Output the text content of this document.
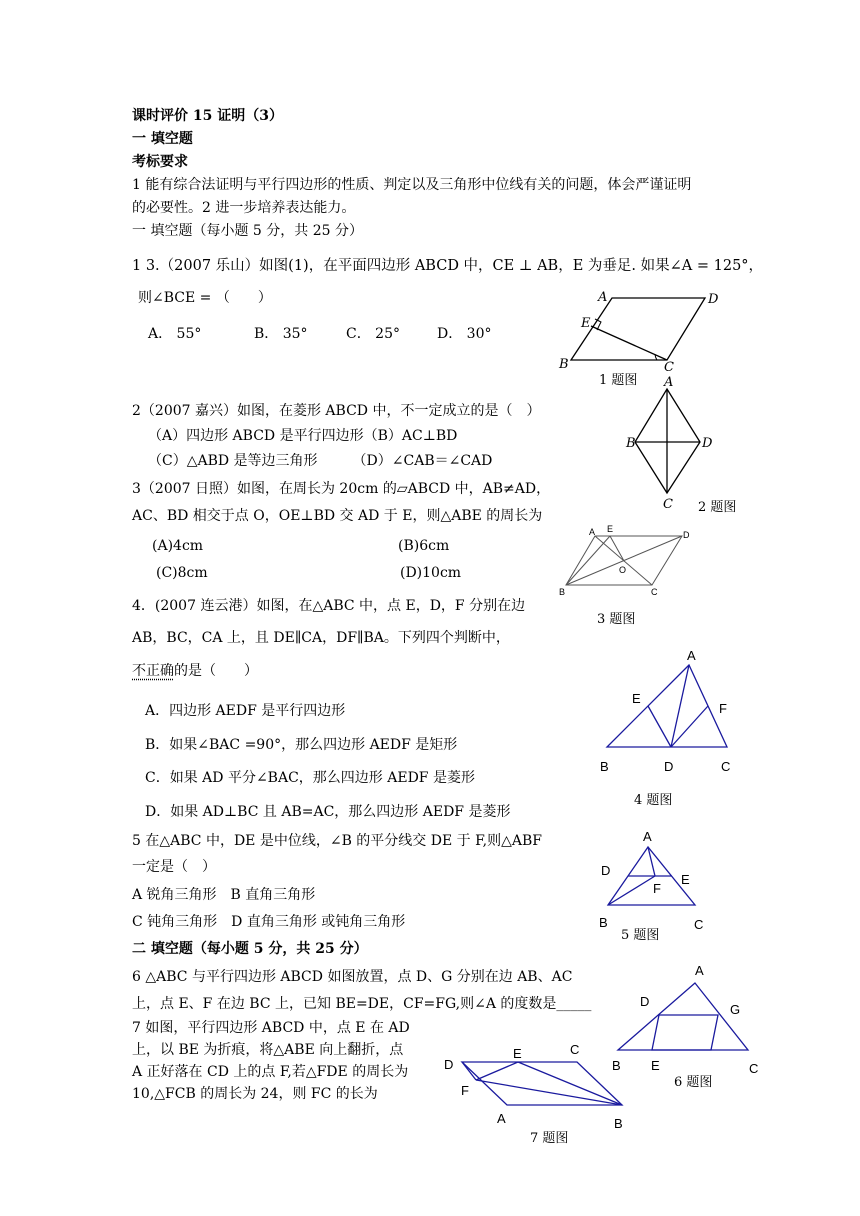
课时评价 15 证明（3）
一 填空题
考标要求
1 能有综合法证明与平行四边形的性质、判定以及三角形中位线有关的问题，体会严谨证明
的必要性。2 进一步培养表达能力。
一 填空题（每小题 5 分，共 25 分）
1 3.（2007 乐山）如图(1)，在平面四边形 ABCD 中，CE ⊥ AB，E 为垂足. 如果∠A = 125°，
则∠BCE = （　　）
A． 55°	B． 35°	C． 25°	D． 30°
A	D
E
B	C
1 题图
2（2007 嘉兴）如图，在菱形 ABCD 中，不一定成立的是（　）
（A）四边形 ABCD 是平行四边形（B）AC⊥BD
（C）△ABD 是等边三角形　　　（D）∠CAB＝∠CAD
A
B	D
C 2 题图
3（2007 日照）如图，在周长为 20cm 的▱ABCD 中，AB≠AD，
AC、BD 相交于点 O，OE⊥BD 交 AD 于 E，则△ABE 的周长为
(A)4cm	(B)6cm
(C)8cm	(D)10cm
A E
D
O
B	C
3 题图
4．(2007 连云港）如图，在△ABC 中，点 E，D，F 分别在边
AB，BC，CA 上，且 DE∥CA，DF∥BA。下列四个判断中，
不正确的是（　　）
A．四边形 AEDF 是平行四边形
B．如果∠BAC =90°，那么四边形 AEDF 是矩形
C．如果 AD 平分∠BAC，那么四边形 AEDF 是菱形
D．如果 AD⊥BC 且 AB=AC，那么四边形 AEDF 是菱形
A
E
F
B	D	C
4 题图
5 在△ABC 中，DE 是中位线，∠B 的平分线交 DE 于 F,则△ABF
一定是（　）
A 锐角三角形　B 直角三角形
C 钝角三角形　D 直角三角形 或钝角三角形
A
D
E
F
B	C
5 题图
二 填空题（每小题 5 分，共 25 分）
6 △ABC 与平行四边形 ABCD 如图放置，点 D、G 分别在边 AB、AC
上，点 E、F 在边 BC 上，已知 BE=DE，CF=FG,则∠A 的度数是_____
A
D
G
B E	C
6 题图
7 如图，平行四边形 ABCD 中，点 E 在 AD
上，以 BE 为折痕，将△ABE 向上翻折，点
A 正好落在 CD 上的点 F,若△FDE 的周长为
10,△FCB 的周长为 24，则 FC 的长为
E	C
D
F
A	B
7 题图
